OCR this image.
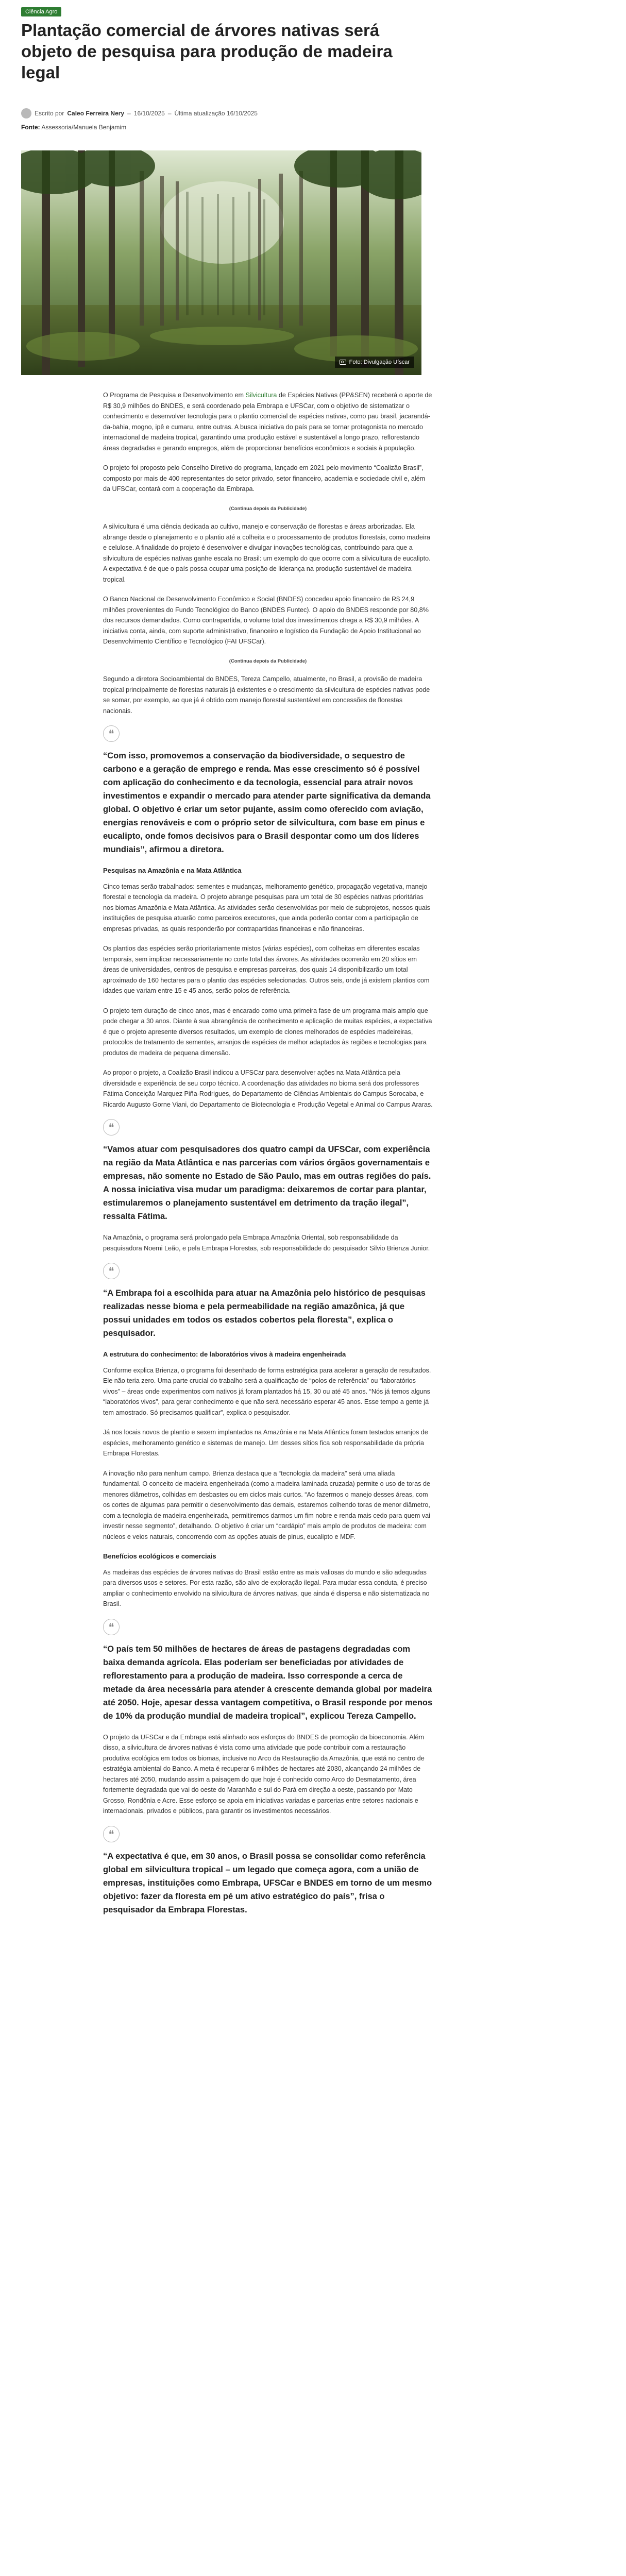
Ciência Agro
Plantação comercial de árvores nativas será objeto de pesquisa para produção de madeira legal
Escrito por Caleo Ferreira Nery – 16/10/2025 – Última atualização 16/10/2025
Fonte: Assessoria/Manuela Benjamim
Foto: Divulgação Ufscar

O Programa de Pesquisa e Desenvolvimento em Silvicultura de Espécies Nativas (PP&SEN) receberá o aporte de R$ 30,9 milhões do BNDES, e será coordenado pela Embrapa e UFSCar, com o objetivo de sistematizar o conhecimento e desenvolver tecnologia para o plantio comercial de espécies nativas, como pau brasil, jacarandá-da-bahia, mogno, ipê e cumaru, entre outras. A busca iniciativa do país para se tornar protagonista no mercado internacional de madeira tropical, garantindo uma produção estável e sustentável a longo prazo, reflorestando áreas degradadas e gerando empregos, além de proporcionar benefícios econômicos e sociais à população.

O projeto foi proposto pelo Conselho Diretivo do programa, lançado em 2021 pelo movimento “Coalizão Brasil”, composto por mais de 400 representantes do setor privado, setor financeiro, academia e sociedade civil e, além da UFSCar, contará com a cooperação da Embrapa.

(Continua depois da Publicidade)

A silvicultura é uma ciência dedicada ao cultivo, manejo e conservação de florestas e áreas arborizadas. Ela abrange desde o planejamento e o plantio até a colheita e o processamento de produtos florestais, como madeira e celulose. A finalidade do projeto é desenvolver e divulgar inovações tecnológicas, contribuindo para que a silvicultura de espécies nativas ganhe escala no Brasil: um exemplo do que ocorre com a silvicultura de eucalipto. A expectativa é de que o país possa ocupar uma posição de liderança na produção sustentável de madeira tropical.

O Banco Nacional de Desenvolvimento Econômico e Social (BNDES) concedeu apoio financeiro de R$ 24,9 milhões provenientes do Fundo Tecnológico do Banco (BNDES Funtec). O apoio do BNDES responde por 80,8% dos recursos demandados. Como contrapartida, o volume total dos investimentos chega a R$ 30,9 milhões. A iniciativa conta, ainda, com suporte administrativo, financeiro e logístico da Fundação de Apoio Institucional ao Desenvolvimento Científico e Tecnológico (FAI UFSCar).

(Continua depois da Publicidade)

Segundo a diretora Socioambiental do BNDES, Tereza Campello, atualmente, no Brasil, a provisão de madeira tropical principalmente de florestas naturais já existentes e o crescimento da silvicultura de espécies nativas pode se somar, por exemplo, ao que já é obtido com manejo florestal sustentável em concessões de florestas nacionais.

❝

“Com isso, promovemos a conservação da biodiversidade, o sequestro de carbono e a geração de emprego e renda. Mas esse crescimento só é possível com aplicação do conhecimento e da tecnologia, essencial para atrair novos investimentos e expandir o mercado para atender parte significativa da demanda global. O objetivo é criar um setor pujante, assim como oferecido com aviação, energias renováveis e com o próprio setor de silvicultura, com base em pinus e eucalipto, onde fomos decisivos para o Brasil despontar como um dos líderes mundiais”, afirmou a diretora.

Pesquisas na Amazônia e na Mata Atlântica

Cinco temas serão trabalhados: sementes e mudanças, melhoramento genético, propagação vegetativa, manejo florestal e tecnologia da madeira. O projeto abrange pesquisas para um total de 30 espécies nativas prioritárias nos biomas Amazônia e Mata Atlântica. As atividades serão desenvolvidas por meio de subprojetos, nossos quais instituições de pesquisa atuarão como parceiros executores, que ainda poderão contar com a participação de empresas privadas, as quais responderão por contrapartidas financeiras e não financeiras.

Os plantios das espécies serão prioritariamente mistos (várias espécies), com colheitas em diferentes escalas temporais, sem implicar necessariamente no corte total das árvores. As atividades ocorrerão em 20 sítios em áreas de universidades, centros de pesquisa e empresas parceiras, dos quais 14 disponibilizarão um total aproximado de 160 hectares para o plantio das espécies selecionadas. Outros seis, onde já existem plantios com idades que variam entre 15 e 45 anos, serão polos de referência.

O projeto tem duração de cinco anos, mas é encarado como uma primeira fase de um programa mais amplo que pode chegar a 30 anos. Diante à sua abrangência de conhecimento e aplicação de muitas espécies, a expectativa é que o projeto apresente diversos resultados, um exemplo de clones melhorados de espécies madeireiras, protocolos de tratamento de sementes, arranjos de espécies de melhor adaptados às regiões e tecnologias para produtos de madeira de pequena dimensão.

Ao propor o projeto, a Coalizão Brasil indicou a UFSCar para desenvolver ações na Mata Atlântica pela diversidade e experiência de seu corpo técnico. A coordenação das atividades no bioma será dos professores Fátima Conceição Marquez Piña-Rodrigues, do Departamento de Ciências Ambientais do Campus Sorocaba, e Ricardo Augusto Gorne Viani, do Departamento de Biotecnologia e Produção Vegetal e Animal do Campus Araras.

❝

“Vamos atuar com pesquisadores dos quatro campi da UFSCar, com experiência na região da Mata Atlântica e nas parcerias com vários órgãos governamentais e empresas, não somente no Estado de São Paulo, mas em outras regiões do país. A nossa iniciativa visa mudar um paradigma: deixaremos de cortar para plantar, estimularemos o planejamento sustentável em detrimento da tração ilegal”, ressalta Fátima.

Na Amazônia, o programa será prolongado pela Embrapa Amazônia Oriental, sob responsabilidade da pesquisadora Noemi Leão, e pela Embrapa Florestas, sob responsabilidade do pesquisador Silvio Brienza Junior.

❝

“A Embrapa foi a escolhida para atuar na Amazônia pelo histórico de pesquisas realizadas nesse bioma e pela permeabilidade na região amazônica, já que possui unidades em todos os estados cobertos pela floresta”, explica o pesquisador.

A estrutura do conhecimento: de laboratórios vivos à madeira engenheirada

Conforme explica Brienza, o programa foi desenhado de forma estratégica para acelerar a geração de resultados. Ele não teria zero. Uma parte crucial do trabalho será a qualificação de “polos de referência” ou “laboratórios vivos” – áreas onde experimentos com nativos já foram plantados há 15, 30 ou até 45 anos. “Nós já temos alguns “laboratórios vivos”, para gerar conhecimento e que não será necessário esperar 45 anos. Esse tempo a gente já tem amostrado. Só precisamos qualificar”, explica o pesquisador.

Já nos locais novos de plantio e sexem implantados na Amazônia e na Mata Atlântica foram testados arranjos de espécies, melhoramento genético e sistemas de manejo. Um desses sítios fica sob responsabilidade da própria Embrapa Florestas.

A inovação não para nenhum campo. Brienza destaca que a “tecnologia da madeira” será uma aliada fundamental. O conceito de madeira engenheirada (como a madeira laminada cruzada) permite o uso de toras de menores diâmetros, colhidas em desbastes ou em ciclos mais curtos. “Ao fazermos o manejo desses áreas, com os cortes de algumas para permitir o desenvolvimento das demais, estaremos colhendo toras de menor diâmetro, com a tecnologia de madeira engenheirada, permitiremos darmos um fim nobre e renda mais cedo para quem vai investir nesse segmento”, detalhando. O objetivo é criar um “cardápio” mais amplo de produtos de madeira: com núcleos e veios naturais, concorrendo com as opções atuais de pinus, eucalipto e MDF.

Benefícios ecológicos e comerciais

As madeiras das espécies de árvores nativas do Brasil estão entre as mais valiosas do mundo e são adequadas para diversos usos e setores. Por esta razão, são alvo de exploração ilegal. Para mudar essa conduta, é preciso ampliar o conhecimento envolvido na silvicultura de árvores nativas, que ainda é dispersa e não sistematizada no Brasil.

❝

“O país tem 50 milhões de hectares de áreas de pastagens degradadas com baixa demanda agrícola. Elas poderiam ser beneficiadas por atividades de reflorestamento para a produção de madeira. Isso corresponde a cerca de metade da área necessária para atender à crescente demanda global por madeira até 2050. Hoje, apesar dessa vantagem competitiva, o Brasil responde por menos de 10% da produção mundial de madeira tropical”, explicou Tereza Campello.

O projeto da UFSCar e da Embrapa está alinhado aos esforços do BNDES de promoção da bioeconomia. Além disso, a silvicultura de árvores nativas é vista como uma atividade que pode contribuir com a restauração produtiva ecológica em todos os biomas, inclusive no Arco da Restauração da Amazônia, que está no centro de estratégia ambiental do Banco. A meta é recuperar 6 milhões de hectares até 2030, alcançando 24 milhões de hectares até 2050, mudando assim a paisagem do que hoje é conhecido como Arco do Desmatamento, área fortemente degradada que vai do oeste do Maranhão e sul do Pará em direção a oeste, passando por Mato Grosso, Rondônia e Acre. Esse esforço se apoia em iniciativas variadas e parcerias entre setores nacionais e internacionais, privados e públicos, para garantir os investimentos necessários.

❝

“A expectativa é que, em 30 anos, o Brasil possa se consolidar como referência global em silvicultura tropical – um legado que começa agora, com a união de empresas, instituições como Embrapa, UFSCar e BNDES em torno de um mesmo objetivo: fazer da floresta em pé um ativo estratégico do país”, frisa o pesquisador da Embrapa Florestas.
